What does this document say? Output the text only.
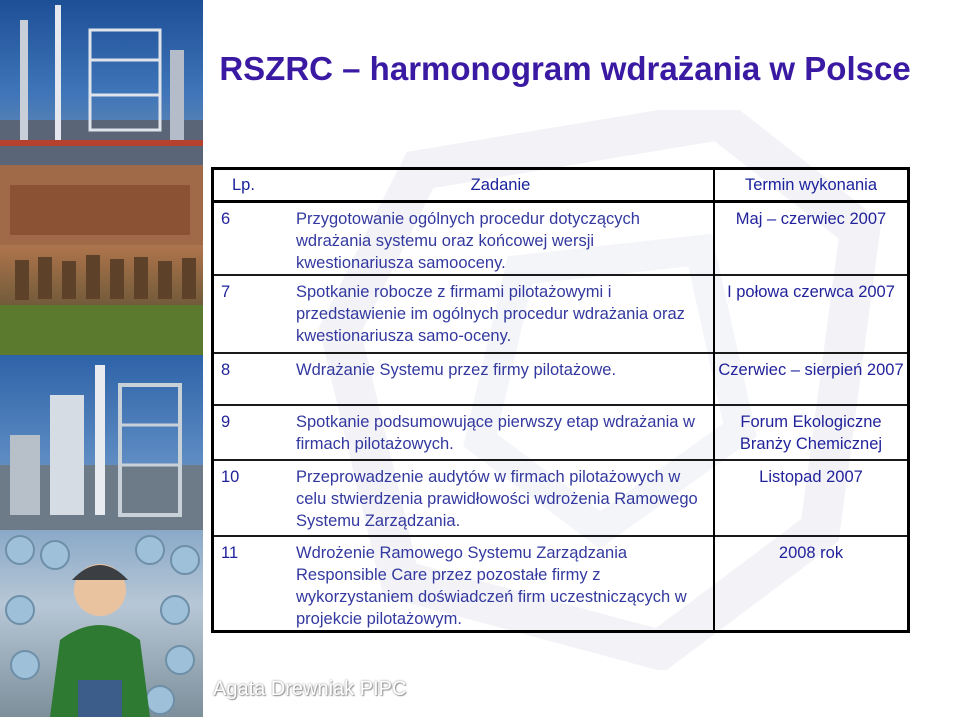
RSZRC – harmonogram wdrażania w Polsce
Lp.	Zadanie	Termin wykonania
6	Przygotowanie ogólnych procedur dotyczących wdrażania systemu oraz końcowej wersji kwestionariusza samooceny.	Maj – czerwiec 2007
7	Spotkanie robocze z firmami pilotażowymi i przedstawienie im ogólnych procedur wdrażania oraz kwestionariusza samo-oceny.	I połowa czerwca 2007
8	Wdrażanie Systemu przez firmy pilotażowe.	Czerwiec – sierpień 2007
9	Spotkanie podsumowujące pierwszy etap wdrażania w firmach pilotażowych.	Forum Ekologiczne Branży Chemicznej
10	Przeprowadzenie audytów w firmach pilotażowych w celu stwierdzenia prawidłowości wdrożenia Ramowego Systemu Zarządzania.	Listopad 2007
11	Wdrożenie Ramowego Systemu Zarządzania Responsible Care przez pozostałe firmy z wykorzystaniem doświadczeń firm uczestniczących w projekcie pilotażowym.	2008 rok
Agata Drewniak PIPC
